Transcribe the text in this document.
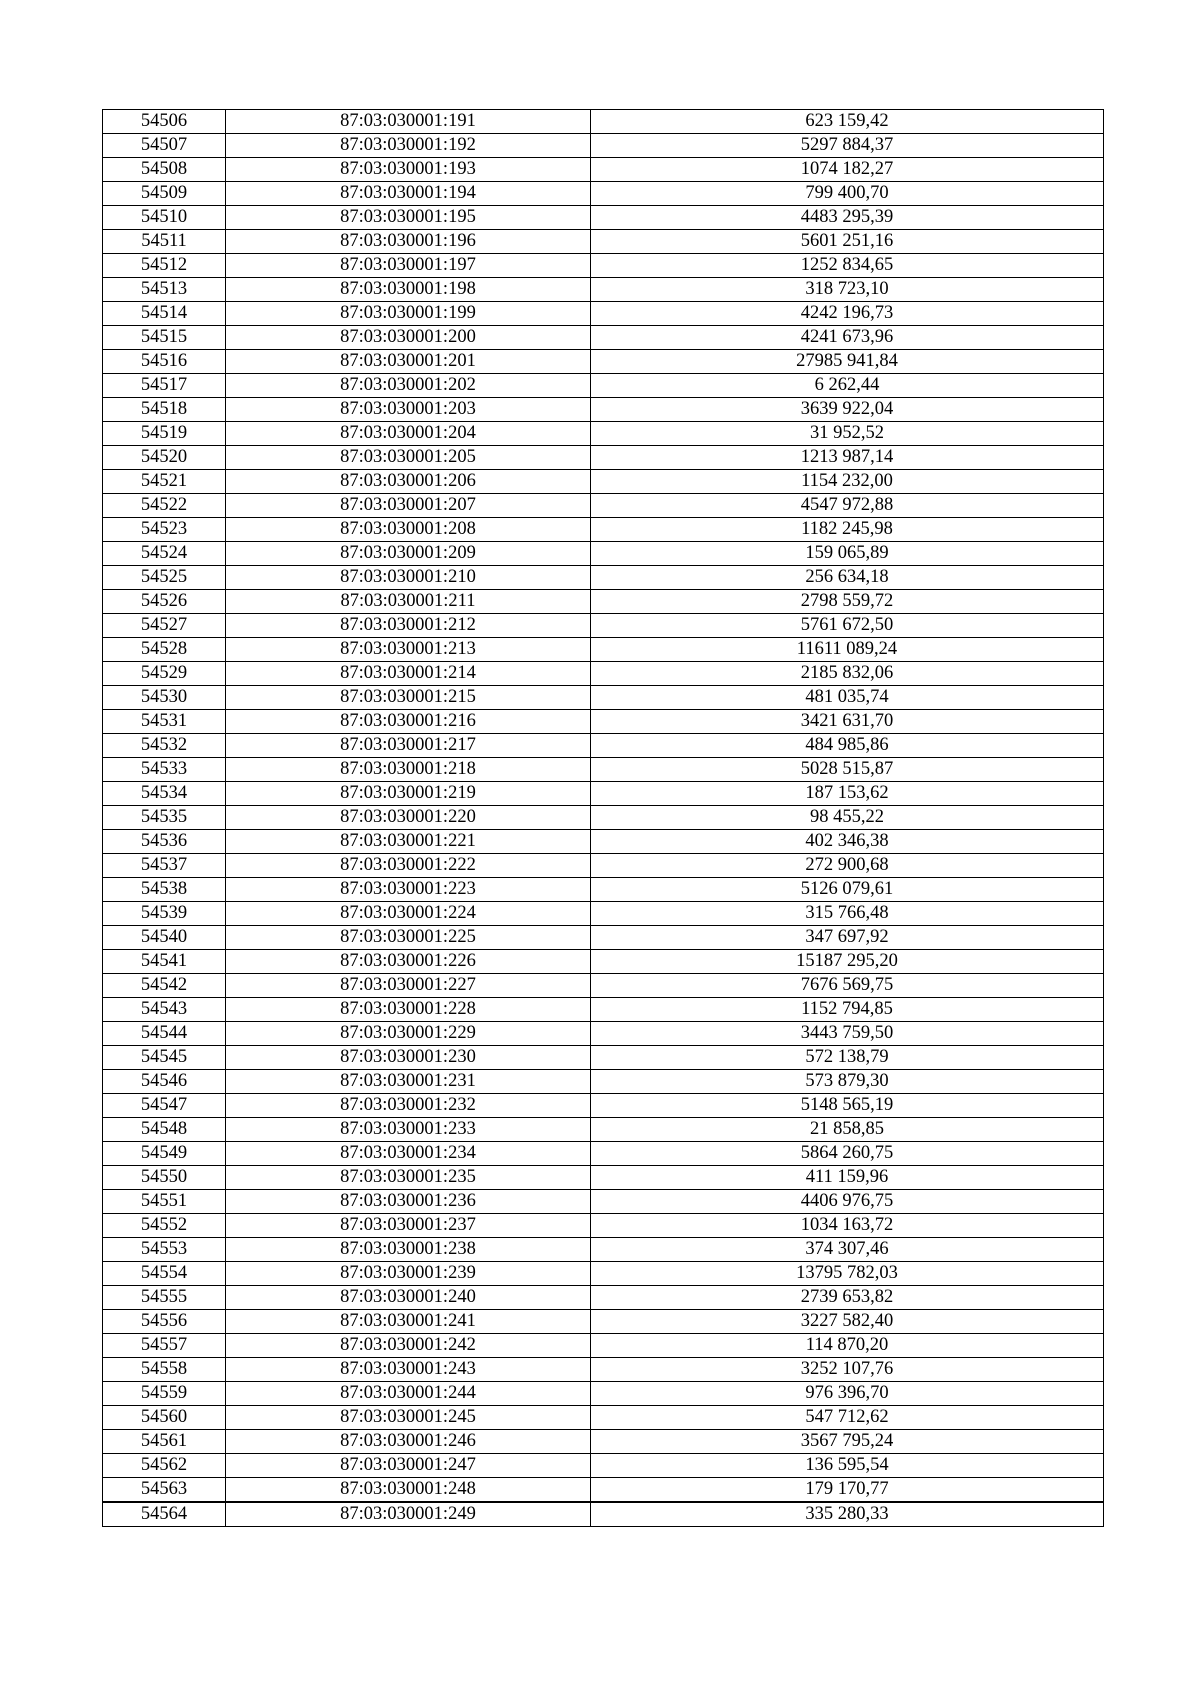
54506	87:03:030001:191	623 159,42
54507	87:03:030001:192	5297 884,37
54508	87:03:030001:193	1074 182,27
54509	87:03:030001:194	799 400,70
54510	87:03:030001:195	4483 295,39
54511	87:03:030001:196	5601 251,16
54512	87:03:030001:197	1252 834,65
54513	87:03:030001:198	318 723,10
54514	87:03:030001:199	4242 196,73
54515	87:03:030001:200	4241 673,96
54516	87:03:030001:201	27985 941,84
54517	87:03:030001:202	6 262,44
54518	87:03:030001:203	3639 922,04
54519	87:03:030001:204	31 952,52
54520	87:03:030001:205	1213 987,14
54521	87:03:030001:206	1154 232,00
54522	87:03:030001:207	4547 972,88
54523	87:03:030001:208	1182 245,98
54524	87:03:030001:209	159 065,89
54525	87:03:030001:210	256 634,18
54526	87:03:030001:211	2798 559,72
54527	87:03:030001:212	5761 672,50
54528	87:03:030001:213	11611 089,24
54529	87:03:030001:214	2185 832,06
54530	87:03:030001:215	481 035,74
54531	87:03:030001:216	3421 631,70
54532	87:03:030001:217	484 985,86
54533	87:03:030001:218	5028 515,87
54534	87:03:030001:219	187 153,62
54535	87:03:030001:220	98 455,22
54536	87:03:030001:221	402 346,38
54537	87:03:030001:222	272 900,68
54538	87:03:030001:223	5126 079,61
54539	87:03:030001:224	315 766,48
54540	87:03:030001:225	347 697,92
54541	87:03:030001:226	15187 295,20
54542	87:03:030001:227	7676 569,75
54543	87:03:030001:228	1152 794,85
54544	87:03:030001:229	3443 759,50
54545	87:03:030001:230	572 138,79
54546	87:03:030001:231	573 879,30
54547	87:03:030001:232	5148 565,19
54548	87:03:030001:233	21 858,85
54549	87:03:030001:234	5864 260,75
54550	87:03:030001:235	411 159,96
54551	87:03:030001:236	4406 976,75
54552	87:03:030001:237	1034 163,72
54553	87:03:030001:238	374 307,46
54554	87:03:030001:239	13795 782,03
54555	87:03:030001:240	2739 653,82
54556	87:03:030001:241	3227 582,40
54557	87:03:030001:242	114 870,20
54558	87:03:030001:243	3252 107,76
54559	87:03:030001:244	976 396,70
54560	87:03:030001:245	547 712,62
54561	87:03:030001:246	3567 795,24
54562	87:03:030001:247	136 595,54
54563	87:03:030001:248	179 170,77
54564	87:03:030001:249	335 280,33
